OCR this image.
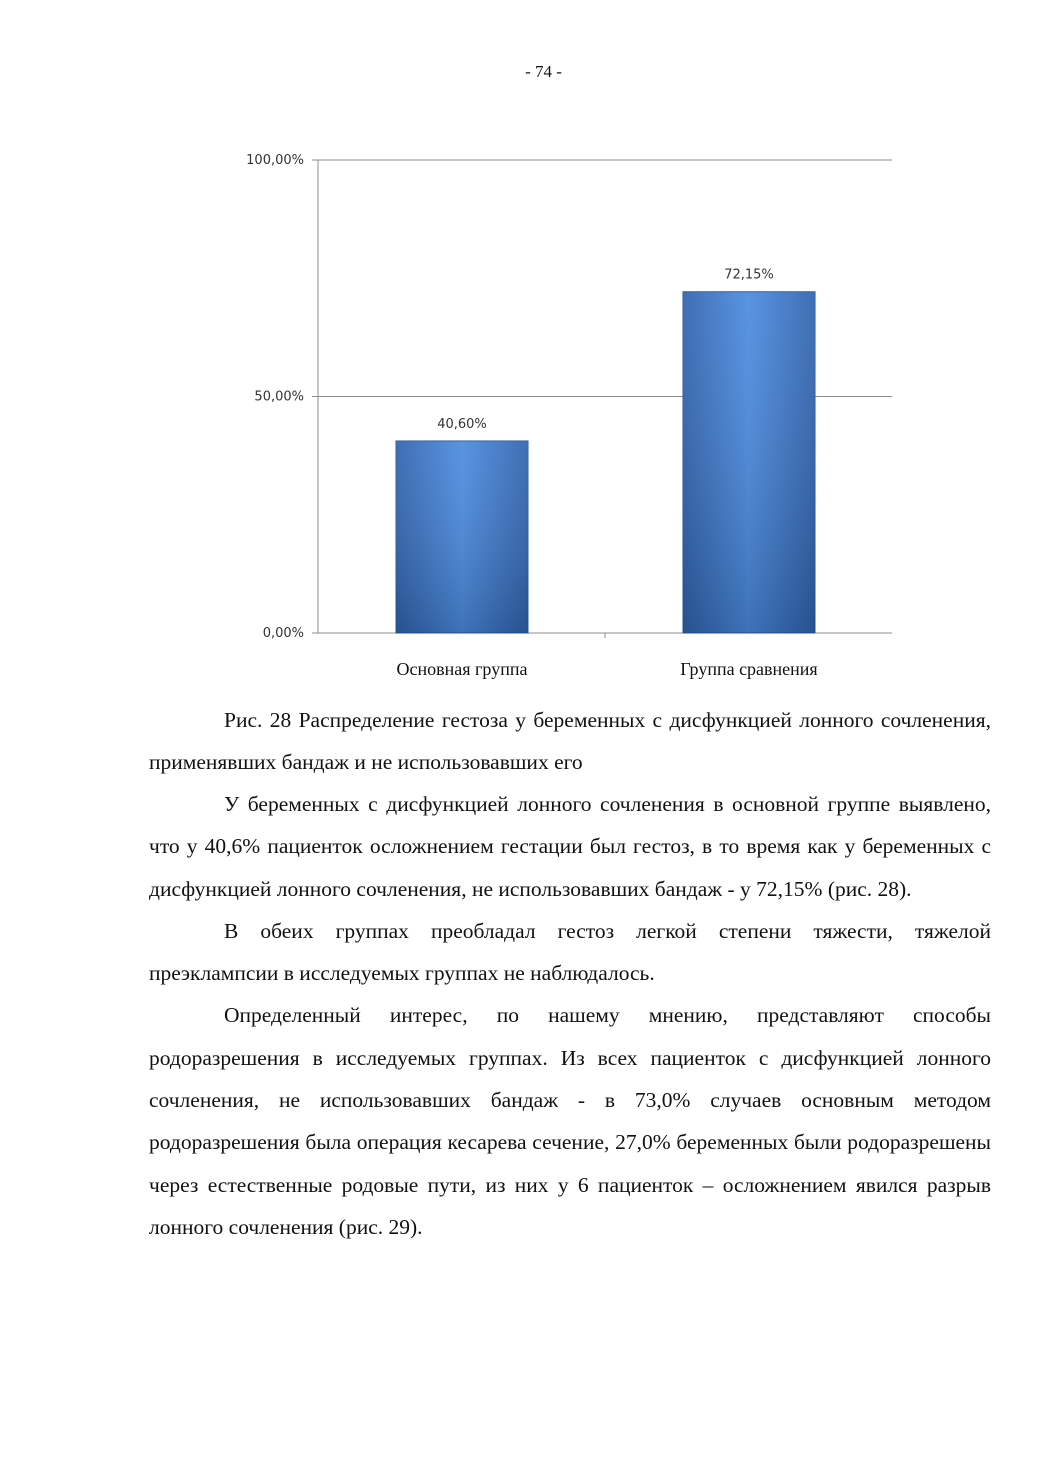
- 74 -
0,00%
50,00%
100,00%
40,60%
Основная группа
72,15%
Группа сравнения

Рис. 28 Распределение гестоза у беременных с дисфункцией лонного сочленения, применявших бандаж и не использовавших его

У беременных с дисфункцией лонного сочленения в основной группе выявлено, что у 40,6% пациенток осложнением гестации был гестоз, в то время как у беременных с дисфункцией лонного сочленения, не использовавших бандаж - у 72,15% (рис. 28).

В обеих группах преобладал гестоз легкой степени тяжести, тяжелой преэклампсии в исследуемых группах не наблюдалось.

Определенный интерес, по нашему мнению, представляют способы родоразрешения в исследуемых группах. Из всех пациенток с дисфункцией лонного сочленения, не использовавших бандаж - в 73,0% случаев основным методом родоразрешения была операция кесарева сечение, 27,0% беременных были родоразрешены через естественные родовые пути, из них у 6 пациенток – осложнением явился разрыв лонного сочленения (рис. 29).
